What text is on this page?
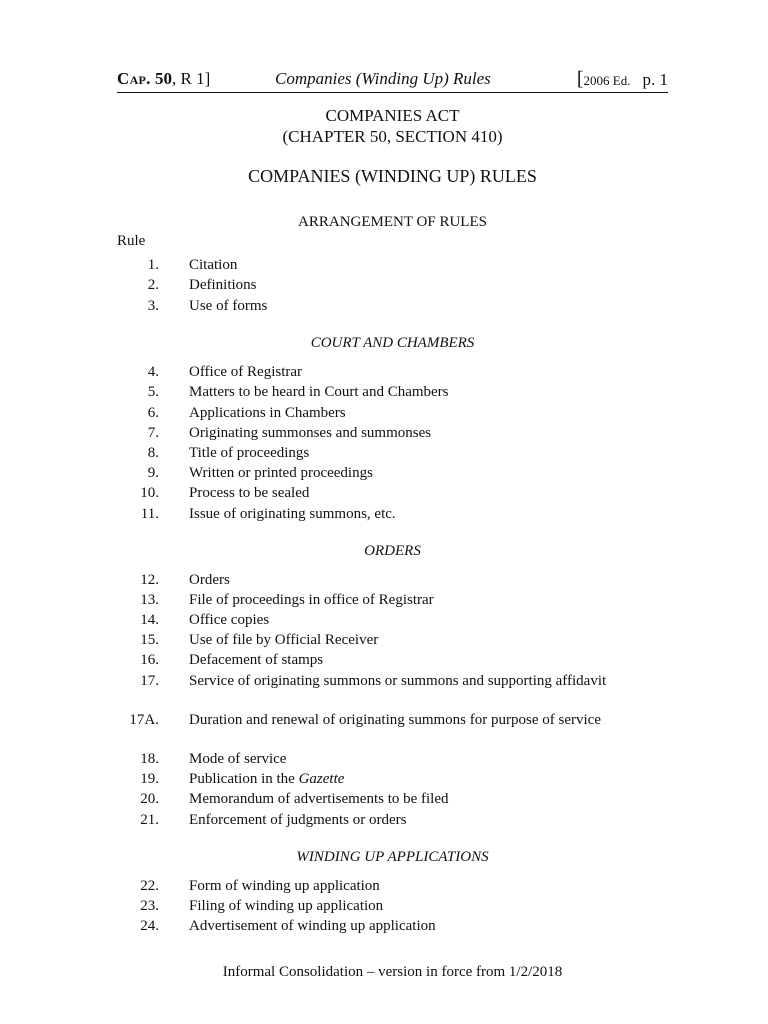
Cap. 50, R 1]	Companies (Winding Up) Rules	[2006 Ed. p. 1
COMPANIES ACT
(CHAPTER 50, SECTION 410)
COMPANIES (WINDING UP) RULES
ARRANGEMENT OF RULES
Rule
1. Citation
2. Definitions
3. Use of forms
COURT AND CHAMBERS
4. Office of Registrar
5. Matters to be heard in Court and Chambers
6. Applications in Chambers
7. Originating summonses and summonses
8. Title of proceedings
9. Written or printed proceedings
10. Process to be sealed
11. Issue of originating summons, etc.
ORDERS
12. Orders
13. File of proceedings in office of Registrar
14. Office copies
15. Use of file by Official Receiver
16. Defacement of stamps
17. Service of originating summons or summons and supporting affidavit
17A. Duration and renewal of originating summons for purpose of service
18. Mode of service
19. Publication in the Gazette
20. Memorandum of advertisements to be filed
21. Enforcement of judgments or orders
WINDING UP APPLICATIONS
22. Form of winding up application
23. Filing of winding up application
24. Advertisement of winding up application
Informal Consolidation – version in force from 1/2/2018
